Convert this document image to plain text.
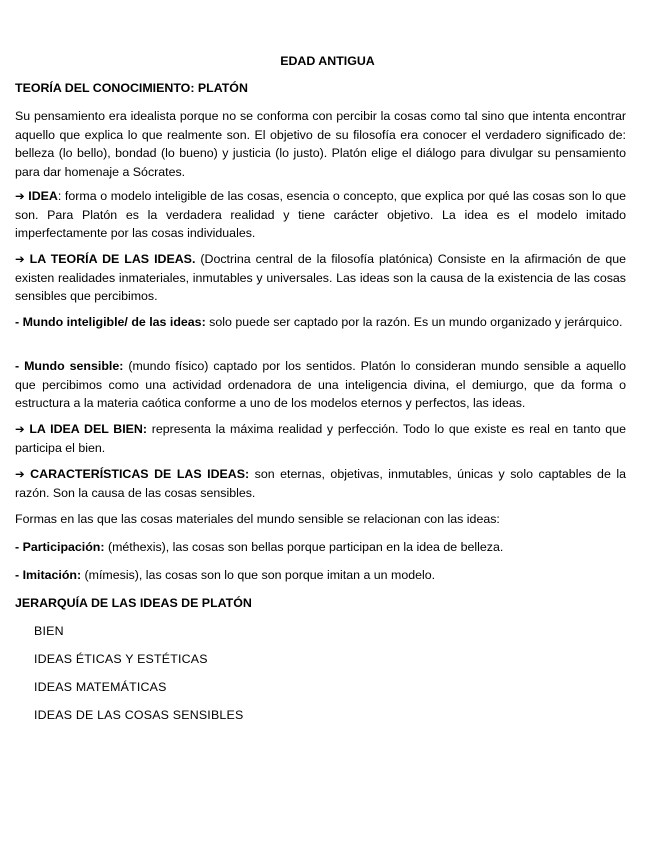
EDAD ANTIGUA

TEORÍA DEL CONOCIMIENTO: PLATÓN

Su pensamiento era idealista porque no se conforma con percibir la cosas como tal sino que intenta encontrar aquello que explica lo que realmente son. El objetivo de su filosofía era conocer el verdadero significado de: belleza (lo bello), bondad (lo bueno) y justicia (lo justo). Platón elige el diálogo para divulgar su pensamiento para dar homenaje a Sócrates.

➔ IDEA: forma o modelo inteligible de las cosas, esencia o concepto, que explica por qué las cosas son lo que son. Para Platón es la verdadera realidad y tiene carácter objetivo. La idea es el modelo imitado imperfectamente por las cosas individuales.

➔ LA TEORÍA DE LAS IDEAS. (Doctrina central de la filosofía platónica) Consiste en la afirmación de que existen realidades inmateriales, inmutables y universales. Las ideas son la causa de la existencia de las cosas sensibles que percibimos.

- Mundo inteligible/ de las ideas: solo puede ser captado por la razón. Es un mundo organizado y jerárquico.

- Mundo sensible: (mundo físico) captado por los sentidos. Platón lo consideran mundo sensible a aquello que percibimos como una actividad ordenadora de una inteligencia divina, el demiurgo, que da forma o estructura a la materia caótica conforme a uno de los modelos eternos y perfectos, las ideas.

➔ LA IDEA DEL BIEN: representa la máxima realidad y perfección. Todo lo que existe es real en tanto que participa el bien.

➔ CARACTERÍSTICAS DE LAS IDEAS: son eternas, objetivas, inmutables, únicas y solo captables de la razón. Son la causa de las cosas sensibles.

Formas en las que las cosas materiales del mundo sensible se relacionan con las ideas:

- Participación: (méthexis), las cosas son bellas porque participan en la idea de belleza.

- Imitación: (mímesis), las cosas son lo que son porque imitan a un modelo.

JERARQUÍA DE LAS IDEAS DE PLATÓN

BIEN
IDEAS ÉTICAS Y ESTÉTICAS
IDEAS MATEMÁTICAS
IDEAS DE LAS COSAS SENSIBLES
